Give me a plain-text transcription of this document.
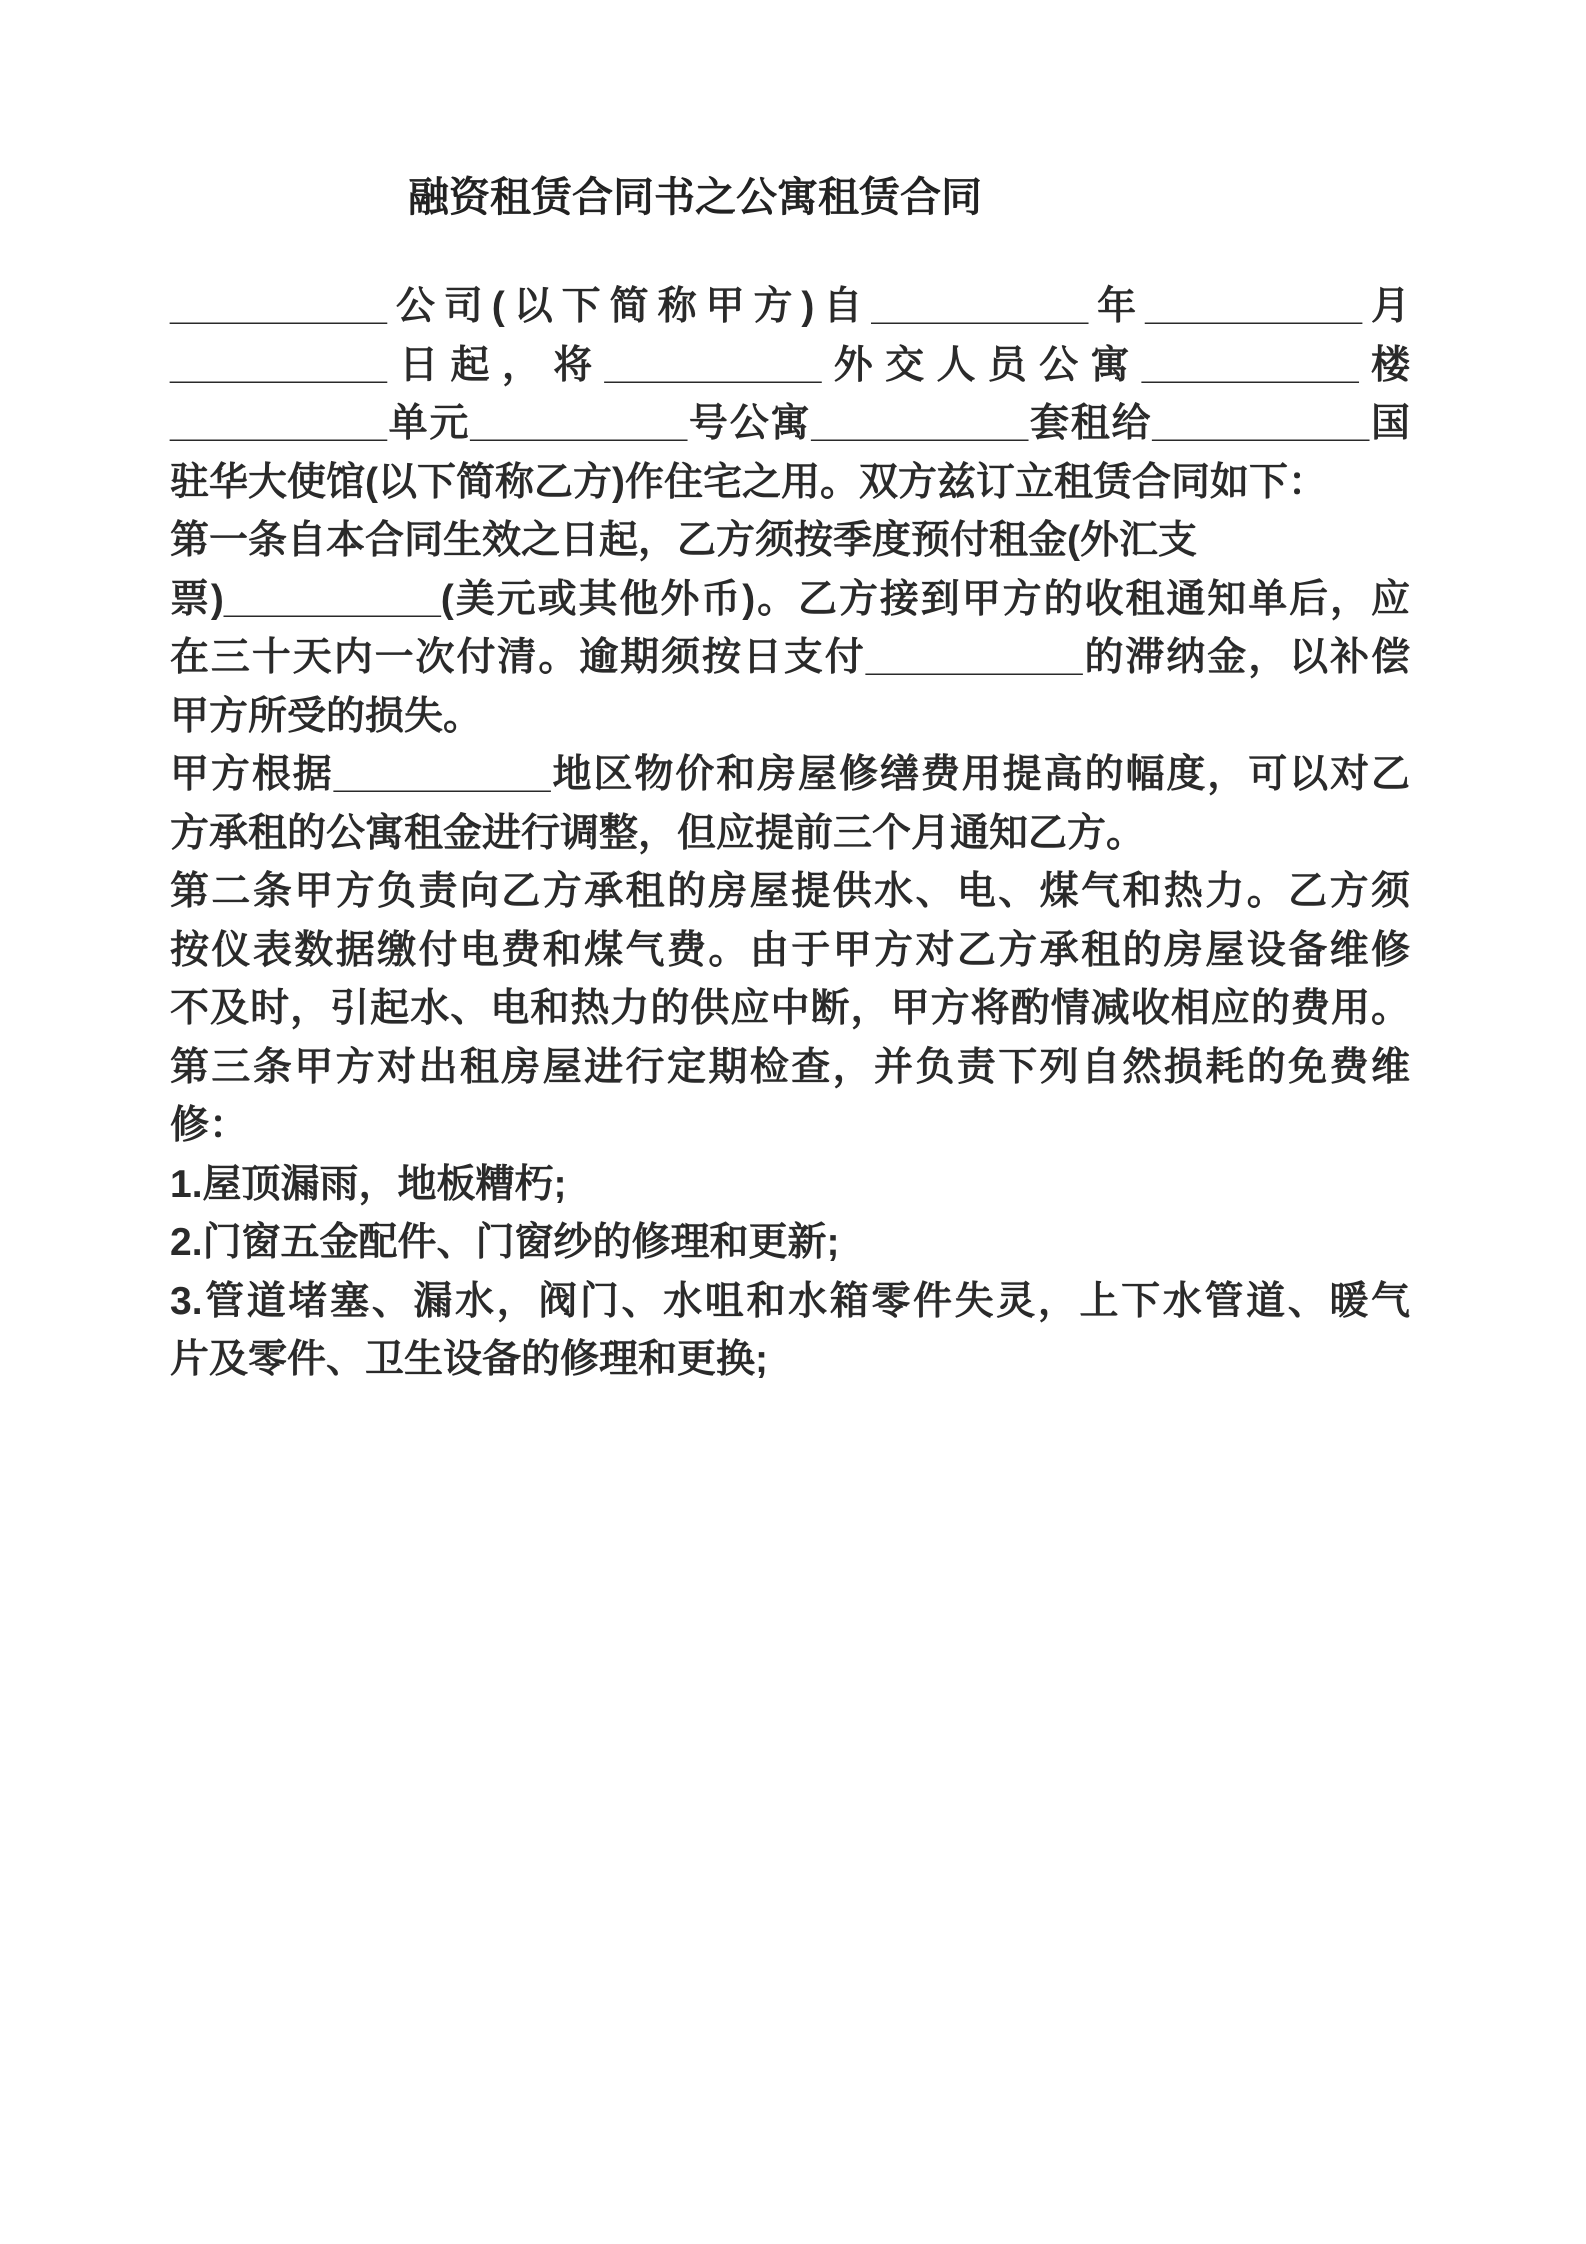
融资租赁合同书之公寓租赁合同
__________公司(以下简称甲方)自__________年__________月
__________日起，将__________外交人员公寓__________楼
__________单元__________号公寓__________套租给__________国
驻华大使馆(以下简称乙方)作住宅之用。双方兹订立租赁合同如下：
第一条自本合同生效之日起，乙方须按季度预付租金(外汇支
票)__________(美元或其他外币)。乙方接到甲方的收租通知单后，应
在三十天内一次付清。逾期须按日支付__________的滞纳金，以补偿
甲方所受的损失。
甲方根据__________地区物价和房屋修缮费用提高的幅度，可以对乙
方承租的公寓租金进行调整，但应提前三个月通知乙方。
第二条甲方负责向乙方承租的房屋提供水、电、煤气和热力。乙方须
按仪表数据缴付电费和煤气费。由于甲方对乙方承租的房屋设备维修
不及时，引起水、电和热力的供应中断，甲方将酌情减收相应的费用。
第三条甲方对出租房屋进行定期检查，并负责下列自然损耗的免费维
修：
1.屋顶漏雨，地板糟朽;
2.门窗五金配件、门窗纱的修理和更新;
3.管道堵塞、漏水，阀门、水咀和水箱零件失灵，上下水管道、暖气
片及零件、卫生设备的修理和更换;
